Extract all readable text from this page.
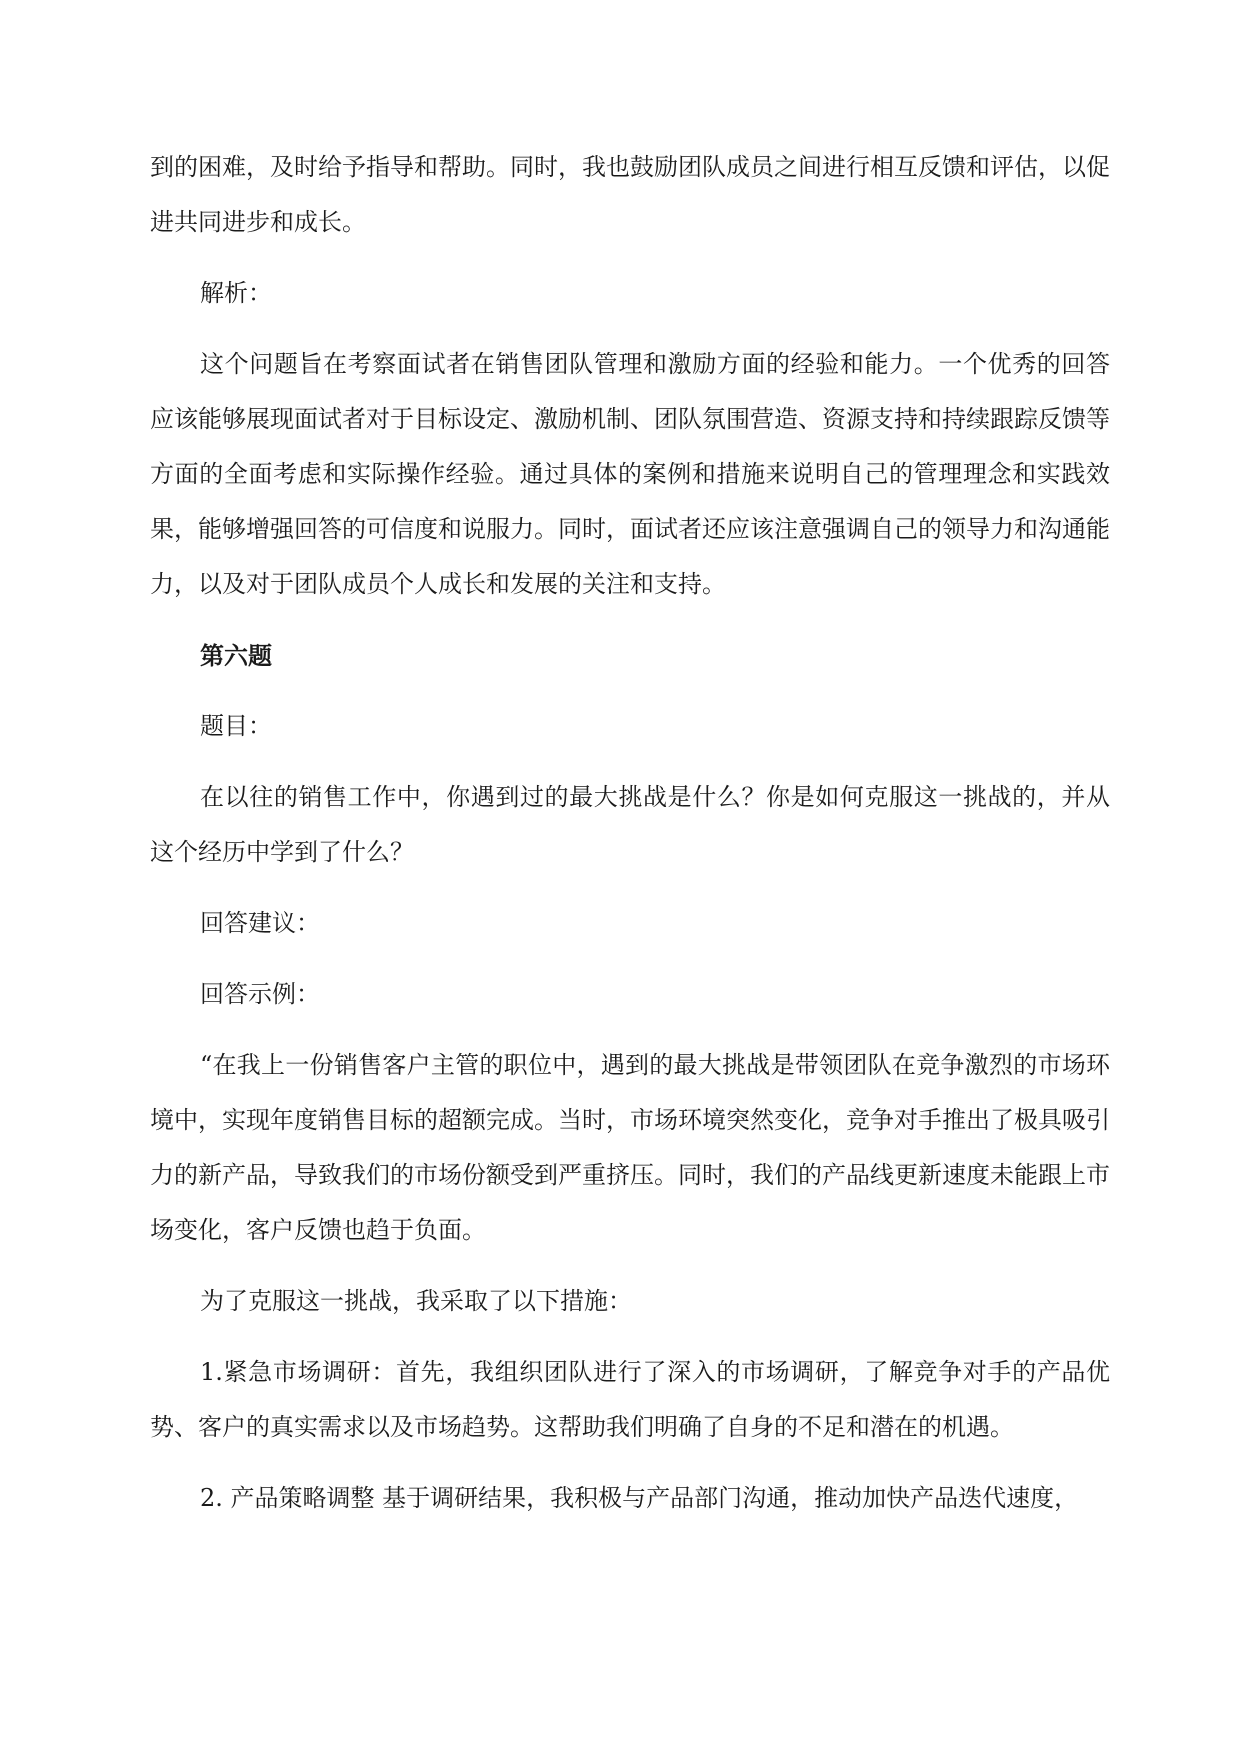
到的困难，及时给予指导和帮助。同时，我也鼓励团队成员之间进行相互反馈和评估，以促进共同进步和成长。

解析：

这个问题旨在考察面试者在销售团队管理和激励方面的经验和能力。一个优秀的回答应该能够展现面试者对于目标设定、激励机制、团队氛围营造、资源支持和持续跟踪反馈等方面的全面考虑和实际操作经验。通过具体的案例和措施来说明自己的管理理念和实践效果，能够增强回答的可信度和说服力。同时，面试者还应该注意强调自己的领导力和沟通能力，以及对于团队成员个人成长和发展的关注和支持。

第六题

题目：

在以往的销售工作中，你遇到过的最大挑战是什么？你是如何克服这一挑战的，并从这个经历中学到了什么？

回答建议：

回答示例：

“在我上一份销售客户主管的职位中，遇到的最大挑战是带领团队在竞争激烈的市场环境中，实现年度销售目标的超额完成。当时，市场环境突然变化，竞争对手推出了极具吸引力的新产品，导致我们的市场份额受到严重挤压。同时，我们的产品线更新速度未能跟上市场变化，客户反馈也趋于负面。

为了克服这一挑战，我采取了以下措施：

1.紧急市场调研：首先，我组织团队进行了深入的市场调研，了解竞争对手的产品优势、客户的真实需求以及市场趋势。这帮助我们明确了自身的不足和潜在的机遇。

2. 产品策略调整 基于调研结果，我积极与产品部门沟通，推动加快产品迭代速度，
